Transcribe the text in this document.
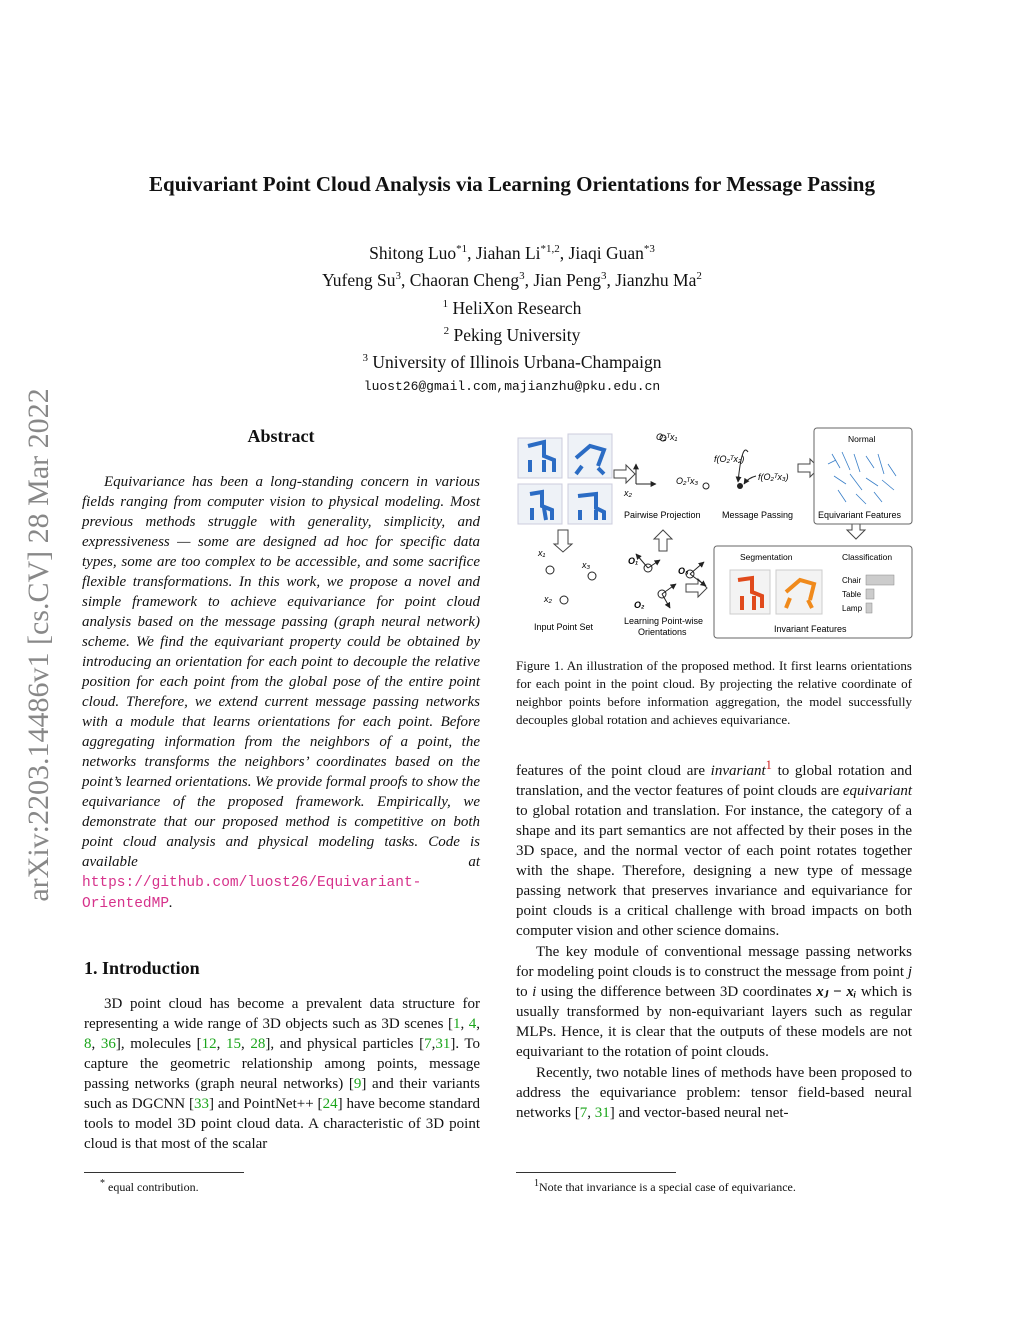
arXiv:2203.14486v1 [cs.CV] 28 Mar 2022
Equivariant Point Cloud Analysis via Learning Orientations for Message Passing
Shitong Luo$^{*1}$, Jiahan Li$^{*1,2}$, Jiaqi Guan$^{*3}$
Yufeng Su$^3$, Chaoran Cheng$^3$, Jian Peng$^3$, Jianzhu Ma$^2$
$^1$ HeliXon Research
$^2$ Peking University
$^3$ University of Illinois Urbana-Champaign
luost26@gmail.com,majianzhu@pku.edu.cn
Abstract
Equivariance has been a long-standing concern in various fields ranging from computer vision to physical modeling. Most previous methods struggle with generality, simplicity, and expressiveness — some are designed ad hoc for specific data types, some are too complex to be accessible, and some sacrifice flexible transformations. In this work, we propose a novel and simple framework to achieve equivariance for point cloud analysis based on the message passing (graph neural network) scheme. We find the equivariant property could be obtained by introducing an orientation for each point to decouple the relative position for each point from the global pose of the entire point cloud. Therefore, we extend current message passing networks with a module that learns orientations for each point. Before aggregating information from the neighbors of a point, the networks transforms the neighbors’ coordinates based on the point’s learned orientations. We provide formal proofs to show the equivariance of the proposed framework. Empirically, we demonstrate that our proposed method is competitive on both point cloud analysis and physical modeling tasks. Code is available at https://github.com/luost26/Equivariant-OrientedMP.
1. Introduction

3D point cloud has become a prevalent data structure for representing a wide range of 3D objects such as 3D scenes [1, 4, 8, 36], molecules [12, 15, 28], and physical particles [7,31]. To capture the geometric relationship among points, message passing networks (graph neural networks) [9] and their variants such as DGCNN [33] and PointNet++ [24] have become standard tools to model 3D point cloud data. A characteristic of 3D point cloud is that most of the scalar

* equal contribution.
O₂ᵀx₁
O₂ᵀx₃
x₂
Pairwise Projection
f(O₂ᵀx₂)
f(O₂ᵀx₃)
Message Passing
Normal
Equivariant Features
x₁
x₃
x₂
Input Point Set
O₁
O₃
O₂
Learning Point-wise
Orientations
Segmentation	Classification
Chair
Table
Lamp
Invariant Features
Figure 1. An illustration of the proposed method. It first learns orientations for each point in the point cloud. By projecting the relative coordinate of neighbor points before information aggregation, the model successfully decouples global rotation and achieves equivariance.

features of the point cloud are invariant$^1$ to global rotation and translation, and the vector features of point clouds are equivariant to global rotation and translation. For instance, the category of a shape and its part semantics are not affected by their poses in the 3D space, and the normal vector of each point rotates together with the shape. Therefore, designing a new type of message passing network that preserves invariance and equivariance for point clouds is a critical challenge with broad impacts on both computer vision and other science domains.

The key module of conventional message passing networks for modeling point clouds is to construct the message from point j to i using the difference between 3D coordinates xⱼ − xᵢ which is usually transformed by non-equivariant layers such as regular MLPs. Hence, it is clear that the outputs of these models are not equivariant to the rotation of point clouds.

Recently, two notable lines of methods have been proposed to address the equivariance problem: tensor field-based neural networks [7, 31] and vector-based neural net-

$^1$Note that invariance is a special case of equivariance.
